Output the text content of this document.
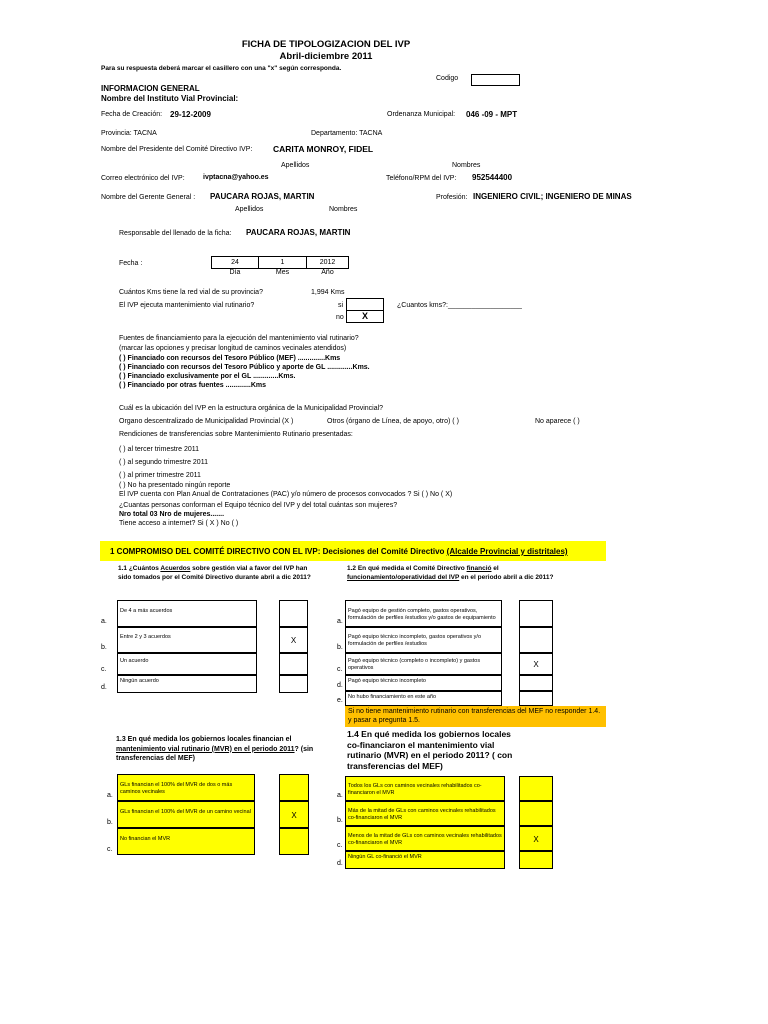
FICHA DE TIPOLOGIZACION DEL IVP
Abril-diciembre 2011
Para su respuesta deberá marcar el casillero con una "x" según corresponda.
Codigo
INFORMACION GENERAL
Nombre del Instituto Vial Provincial:
Fecha de Creación: 29-12-2009	Ordenanza Municipal: 046 -09 - MPT
Provincia: TACNA	Departamento: TACNA
Nombre del Presidente del Comité Directivo IVP: CARITA MONROY, FIDEL
Apellidos	Nombres
Correo electrónico del IVP:	ivptacna@yahoo.es	Teléfono/RPM del IVP: 952544400
Nombre del Gerente General : PAUCARA ROJAS, MARTIN	Profesión: INGENIERO CIVIL; INGENIERO DE MINAS
Apellidos	Nombres
Responsable del llenado de la ficha: PAUCARA ROJAS, MARTIN
Fecha :	24	1	2012
Día	Mes	Año
Cuántos Kms tiene la red vial de su provincia?	1,994 Kms
El IVP ejecuta mantenimiento vial rutinario?	si
no	X
¿Cuantos kms?:___________________
Fuentes de financiamiento para la ejecución del mantenimiento vial rutinario?
(marcar las opciones y precisar longitud de caminos vecinales atendidos)
( ) Financiado con recursos del Tesoro Público (MEF) ..............Kms
( ) Financiado con recursos del Tesoro Público y aporte de GL .............Kms.
( ) Financiado exclusivamente por el GL .............Kms.
( ) Financiado por otras fuentes .............Kms
Cuál es la ubicación del IVP en la estructura orgánica de la Municipalidad Provincial?
Organo descentralizado de Municipalidad Provincial (X )	Otros (órgano de Línea, de apoyo, otro) ( )	No aparece ( )
Rendiciones de transferencias sobre Mantenimiento Rutinario presentadas:
( ) al tercer trimestre 2011
( ) al segundo trimestre 2011
( ) al primer trimestre 2011
( ) No ha presentado ningún reporte
El IVP cuenta con Plan Anual de Contrataciones (PAC) y/o número de procesos convocados ? Si ( ) No ( X)
¿Cuantas personas conforman el Equipo técnico del IVP y del total cuántas son mujeres?
Nro total 03 Nro de mujeres.......
Tiene acceso a internet? Si ( X ) No ( )
1 COMPROMISO DEL COMITÉ DIRECTIVO CON EL IVP: Decisiones del Comité Directivo (Alcalde Provincial y distritales)
1.1 ¿Cuántos Acuerdos sobre gestión vial a favor del IVP han sido tomados por el Comité Directivo durante abril a dic 2011?
a.
De 4 a más acuerdos
b.
Entre 2 y 3 acuerdos	X
c.
Un acuerdo
d.
Ningún acuerdo
1.2 En qué medida el Comité Directivo financió el funcionamiento/operatividad del IVP en el periodo abril a dic 2011?
a.
Pagó equipo de gestión completo, gastos operativos, formulación de perfiles /estudios y/o gastos de equipamiento
b.
Pagó equipo técnico incompleto, gastos operativos y/o formulación de perfiles /estudios
c.
Pagó equipo técnico (completo o incompleto) y gastos operativos	X
d.
Pagó equipo técnico incompleto
e. No hubo financiamiento en este año
Si no tiene mantenimiento rutinario con transferencias del MEF no responder 1.4. y pasar a pregunta 1.5.
1.3 En qué medida los gobiernos locales financian el mantenimiento vial rutinario (MVR) en el periodo 2011? (sin transferencias del MEF)
a.
GLs financian el 100% del MVR de dos o más caminos vecinales
b.
GLs financian el 100% del MVR de un camino vecinal	X
c.
No financian el MVR
1.4 En qué medida los gobiernos locales co-financiaron el mantenimiento vial rutinario (MVR) en el periodo 2011? ( con transferencias del MEF)
a.
Todos los GLs con caminos vecinales rehabilitados co-financiaron el MVR
b.
Más de la mitad de GLs con caminos vecinales rehabilitados co-financiaron el MVR
c.
Menos de la mitad de GLs con caminos vecinales rehabilitados co-financiaron el MVR	X
d.
Ningún GL co-financió el MVR
